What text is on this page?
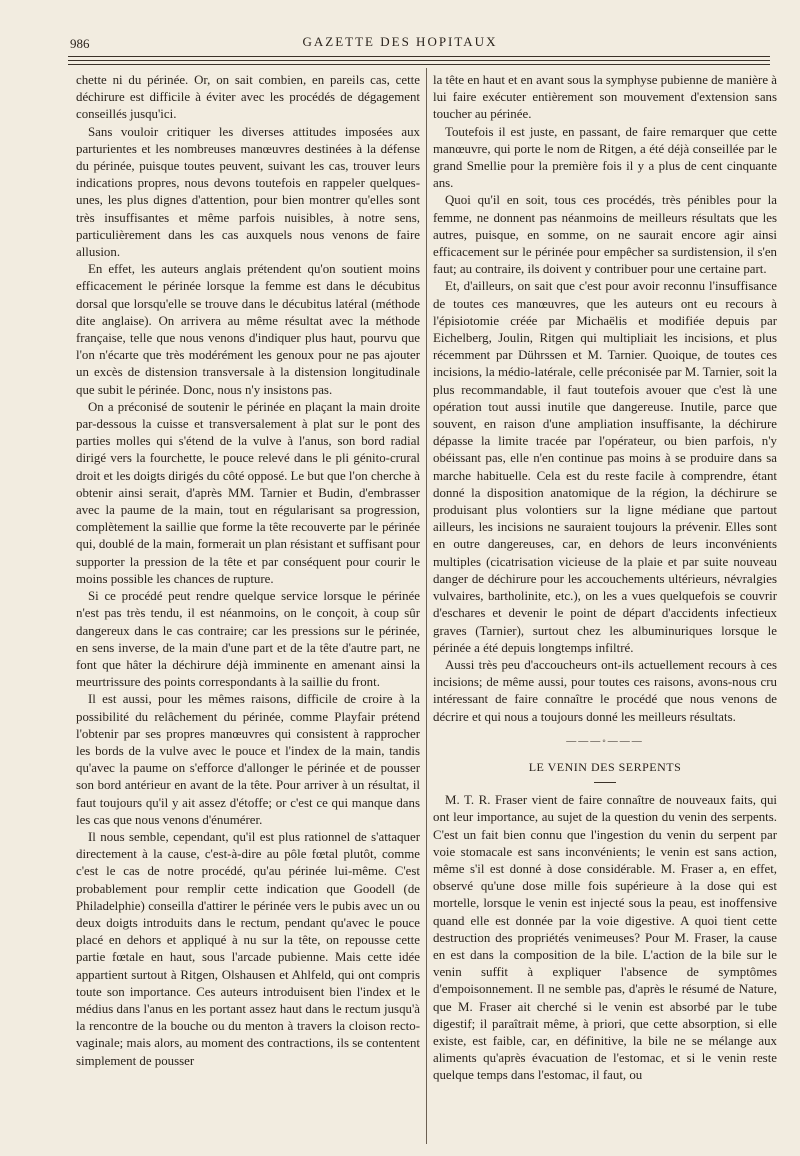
986	GAZETTE DES HOPITAUX

chette ni du périnée. Or, on sait combien, en pareils cas, cette déchirure est difficile à éviter avec les procédés de dégagement conseillés jusqu'ici.

Sans vouloir critiquer les diverses attitudes imposées aux parturientes et les nombreuses manœuvres destinées à la défense du périnée, puisque toutes peuvent, suivant les cas, trouver leurs indications propres, nous devons toutefois en rappeler quelques-unes, les plus dignes d'attention, pour bien montrer qu'elles sont très insuffisantes et même parfois nuisibles, à notre sens, particulièrement dans les cas auxquels nous venons de faire allusion.

En effet, les auteurs anglais prétendent qu'on soutient moins efficacement le périnée lorsque la femme est dans le décubitus dorsal que lorsqu'elle se trouve dans le décubitus latéral (méthode dite anglaise). On arrivera au même résultat avec la méthode française, telle que nous venons d'indiquer plus haut, pourvu que l'on n'écarte que très modérément les genoux pour ne pas ajouter un excès de distension transversale à la distension longitudinale que subit le périnée. Donc, nous n'y insistons pas.

On a préconisé de soutenir le périnée en plaçant la main droite par-dessous la cuisse et transversalement à plat sur le pont des parties molles qui s'étend de la vulve à l'anus, son bord radial dirigé vers la fourchette, le pouce relevé dans le pli génito-crural droit et les doigts dirigés du côté opposé. Le but que l'on cherche à obtenir ainsi serait, d'après MM. Tarnier et Budin, d'embrasser avec la paume de la main, tout en régularisant sa progression, complètement la saillie que forme la tête recouverte par le périnée qui, doublé de la main, formerait un plan résistant et suffisant pour supporter la pression de la tête et par conséquent pour courir le moins possible les chances de rupture.

Si ce procédé peut rendre quelque service lorsque le périnée n'est pas très tendu, il est néanmoins, on le conçoit, à coup sûr dangereux dans le cas contraire; car les pressions sur le périnée, en sens inverse, de la main d'une part et de la tête d'autre part, ne font que hâter la déchirure déjà imminente en amenant ainsi la meurtrissure des points correspondants à la saillie du front.

Il est aussi, pour les mêmes raisons, difficile de croire à la possibilité du relâchement du périnée, comme Playfair prétend l'obtenir par ses propres manœuvres qui consistent à rapprocher les bords de la vulve avec le pouce et l'index de la main, tandis qu'avec la paume on s'efforce d'allonger le périnée et de pousser son bord antérieur en avant de la tête. Pour arriver à un résultat, il faut toujours qu'il y ait assez d'étoffe; or c'est ce qui manque dans les cas que nous venons d'énumérer.

Il nous semble, cependant, qu'il est plus rationnel de s'attaquer directement à la cause, c'est-à-dire au pôle fœtal plutôt, comme c'est le cas de notre procédé, qu'au périnée lui-même. C'est probablement pour remplir cette indication que Goodell (de Philadelphie) conseilla d'attirer le périnée vers le pubis avec un ou deux doigts introduits dans le rectum, pendant qu'avec le pouce placé en dehors et appliqué à nu sur la tête, on repousse cette partie fœtale en haut, sous l'arcade pubienne. Mais cette idée appartient surtout à Ritgen, Olshausen et Ahlfeld, qui ont compris toute son importance. Ces auteurs introduisent bien l'index et le médius dans l'anus en les portant assez haut dans le rectum jusqu'à la rencontre de la bouche ou du menton à travers la cloison recto-vaginale; mais alors, au moment des contractions, ils se contentent simplement de pousser

la tête en haut et en avant sous la symphyse pubienne de manière à lui faire exécuter entièrement son mouvement d'extension sans toucher au périnée.

Toutefois il est juste, en passant, de faire remarquer que cette manœuvre, qui porte le nom de Ritgen, a été déjà conseillée par le grand Smellie pour la première fois il y a plus de cent cinquante ans.

Quoi qu'il en soit, tous ces procédés, très pénibles pour la femme, ne donnent pas néanmoins de meilleurs résultats que les autres, puisque, en somme, on ne saurait encore agir ainsi efficacement sur le périnée pour empêcher sa surdistension, il s'en faut; au contraire, ils doivent y contribuer pour une certaine part.

Et, d'ailleurs, on sait que c'est pour avoir reconnu l'insuffisance de toutes ces manœuvres, que les auteurs ont eu recours à l'épisiotomie créée par Michaëlis et modifiée depuis par Eichelberg, Joulin, Ritgen qui multipliait les incisions, et plus récemment par Dührssen et M. Tarnier. Quoique, de toutes ces incisions, la médio-latérale, celle préconisée par M. Tarnier, soit la plus recommandable, il faut toutefois avouer que c'est là une opération tout aussi inutile que dangereuse. Inutile, parce que souvent, en raison d'une ampliation insuffisante, la déchirure dépasse la limite tracée par l'opérateur, ou bien parfois, n'y obéissant pas, elle n'en continue pas moins à se produire dans sa marche habituelle. Cela est du reste facile à comprendre, étant donné la disposition anatomique de la région, la déchirure se produisant plus volontiers sur la ligne médiane que partout ailleurs, les incisions ne sauraient toujours la prévenir. Elles sont en outre dangereuses, car, en dehors de leurs inconvénients multiples (cicatrisation vicieuse de la plaie et par suite nouveau danger de déchirure pour les accouchements ultérieurs, névralgies vulvaires, bartholinite, etc.), on les a vues quelquefois se couvrir d'eschares et devenir le point de départ d'accidents infectieux graves (Tarnier), surtout chez les albuminuriques lorsque le périnée a été depuis longtemps infiltré.

Aussi très peu d'accoucheurs ont-ils actuellement recours à ces incisions; de même aussi, pour toutes ces raisons, avons-nous cru intéressant de faire connaître le procédé que nous venons de décrire et qui nous a toujours donné les meilleurs résultats.

———◦———
LE VENIN DES SERPENTS

M. T. R. Fraser vient de faire connaître de nouveaux faits, qui ont leur importance, au sujet de la question du venin des serpents. C'est un fait bien connu que l'ingestion du venin du serpent par voie stomacale est sans inconvénients; le venin est sans action, même s'il est donné à dose considérable. M. Fraser a, en effet, observé qu'une dose mille fois supérieure à la dose qui est mortelle, lorsque le venin est injecté sous la peau, est inoffensive quand elle est donnée par la voie digestive. A quoi tient cette destruction des propriétés venimeuses? Pour M. Fraser, la cause en est dans la composition de la bile. L'action de la bile sur le venin suffit à expliquer l'absence de symptômes d'empoisonnement. Il ne semble pas, d'après le résumé de Nature, que M. Fraser ait cherché si le venin est absorbé par le tube digestif; il paraîtrait même, à priori, que cette absorption, si elle existe, est faible, car, en définitive, la bile ne se mélange aux aliments qu'après évacuation de l'estomac, et si le venin reste quelque temps dans l'estomac, il faut, ou
